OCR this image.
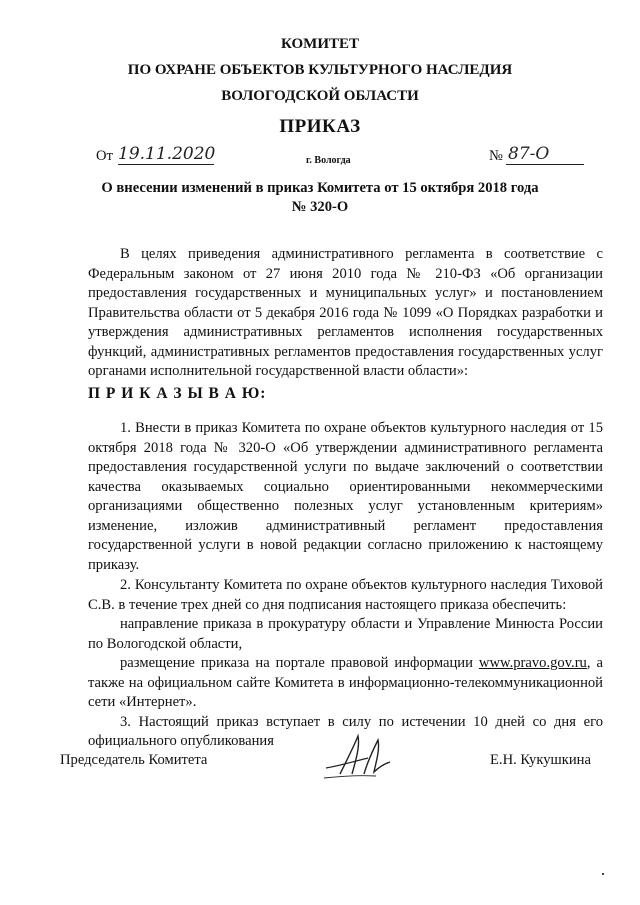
КОМИТЕТ
ПО ОХРАНЕ ОБЪЕКТОВ КУЛЬТУРНОГО НАСЛЕДИЯ
ВОЛОГОДСКОЙ ОБЛАСТИ
ПРИКАЗ
От 19.11.2020	г. Вологда	№ 87-О
О внесении изменений в приказ Комитета от 15 октября 2018 года
№ 320-О
В целях приведения административного регламента в соответствие с Федеральным законом от 27 июня 2010 года № 210-ФЗ «Об организации предоставления государственных и муниципальных услуг» и постановлением Правительства области от 5 декабря 2016 года № 1099 «О Порядках разработки и утверждения административных регламентов исполнения государственных функций, административных регламентов предоставления государственных услуг органами исполнительной государственной власти области»:
П Р И К А З Ы В А Ю:

1. Внести в приказ Комитета по охране объектов культурного наследия от 15 октября 2018 года № 320-О «Об утверждении административного регламента предоставления государственной услуги по выдаче заключений о соответствии качества оказываемых социально ориентированными некоммерческими организациями общественно полезных услуг установленным критериям» изменение, изложив административный регламент предоставления государственной услуги в новой редакции согласно приложению к настоящему приказу.

2. Консультанту Комитета по охране объектов культурного наследия Тиховой С.В. в течение трех дней со дня подписания настоящего приказа обеспечить:

направление приказа в прокуратуру области и Управление Минюста России по Вологодской области,

размещение приказа на портале правовой информации www.pravo.gov.ru, а также на официальном сайте Комитета в информационно-телекоммуникационной сети «Интернет».

3. Настоящий приказ вступает в силу по истечении 10 дней со дня его официального опубликования

Председатель Комитета	Е.Н. Кукушкина
